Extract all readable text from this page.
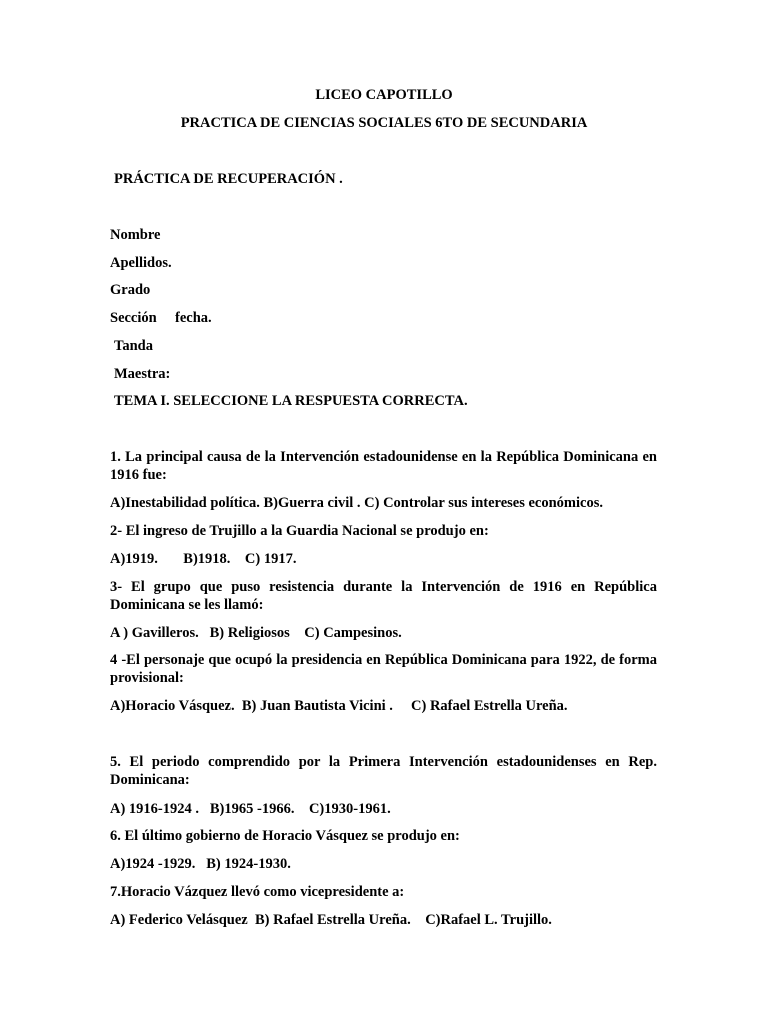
LICEO CAPOTILLO
PRACTICA DE CIENCIAS SOCIALES 6TO DE SECUNDARIA
PRÁCTICA DE RECUPERACIÓN .
Nombre
Apellidos.
Grado
Sección fecha.
Tanda
Maestra:
TEMA I. SELECCIONE LA RESPUESTA CORRECTA.
1. La principal causa de la Intervención estadounidense en la República Dominicana en 1916 fue:
A)Inestabilidad política. B)Guerra civil . C) Controlar sus intereses económicos.
2- El ingreso de Trujillo a la Guardia Nacional se produjo en:
A)1919.       B)1918.    C) 1917.
3- El grupo que puso resistencia durante la Intervención de 1916 en República Dominicana se les llamó:
A ) Gavilleros.   B) Religiosos    C) Campesinos.
4 -El personaje que ocupó la presidencia en República Dominicana para 1922, de forma provisional:
A)Horacio Vásquez.  B) Juan Bautista Vicini .     C) Rafael Estrella Ureña.
5. El periodo comprendido por la Primera Intervención estadounidenses en Rep. Dominicana:
A) 1916-1924 .   B)1965 -1966.    C)1930-1961.
6. El último gobierno de Horacio Vásquez se produjo en:
A)1924 -1929.   B) 1924-1930.
7.Horacio Vázquez llevó como vicepresidente a:
A) Federico Velásquez  B) Rafael Estrella Ureña.    C)Rafael L. Trujillo.
